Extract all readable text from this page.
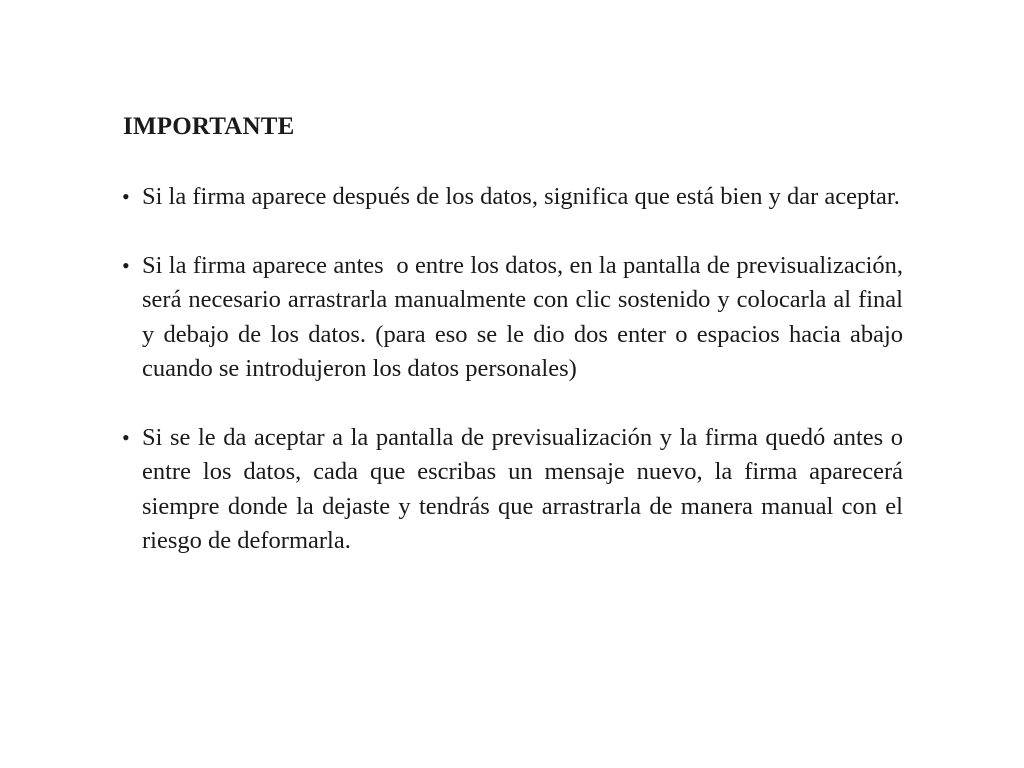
IMPORTANTE
• Si la firma aparece después de los datos, significa que está bien y dar aceptar.
• Si la firma aparece antes  o entre los datos, en la pantalla de previsualización, será necesario arrastrarla manualmente con clic sostenido y colocarla al final y debajo de los datos. (para eso se le dio dos enter o espacios hacia abajo cuando se introdujeron los datos personales)
• Si se le da aceptar a la pantalla de previsualización y la firma quedó antes o entre los datos, cada que escribas un mensaje nuevo, la firma aparecerá siempre donde la dejaste y tendrás que arrastrarla de manera manual con el riesgo de deformarla.
